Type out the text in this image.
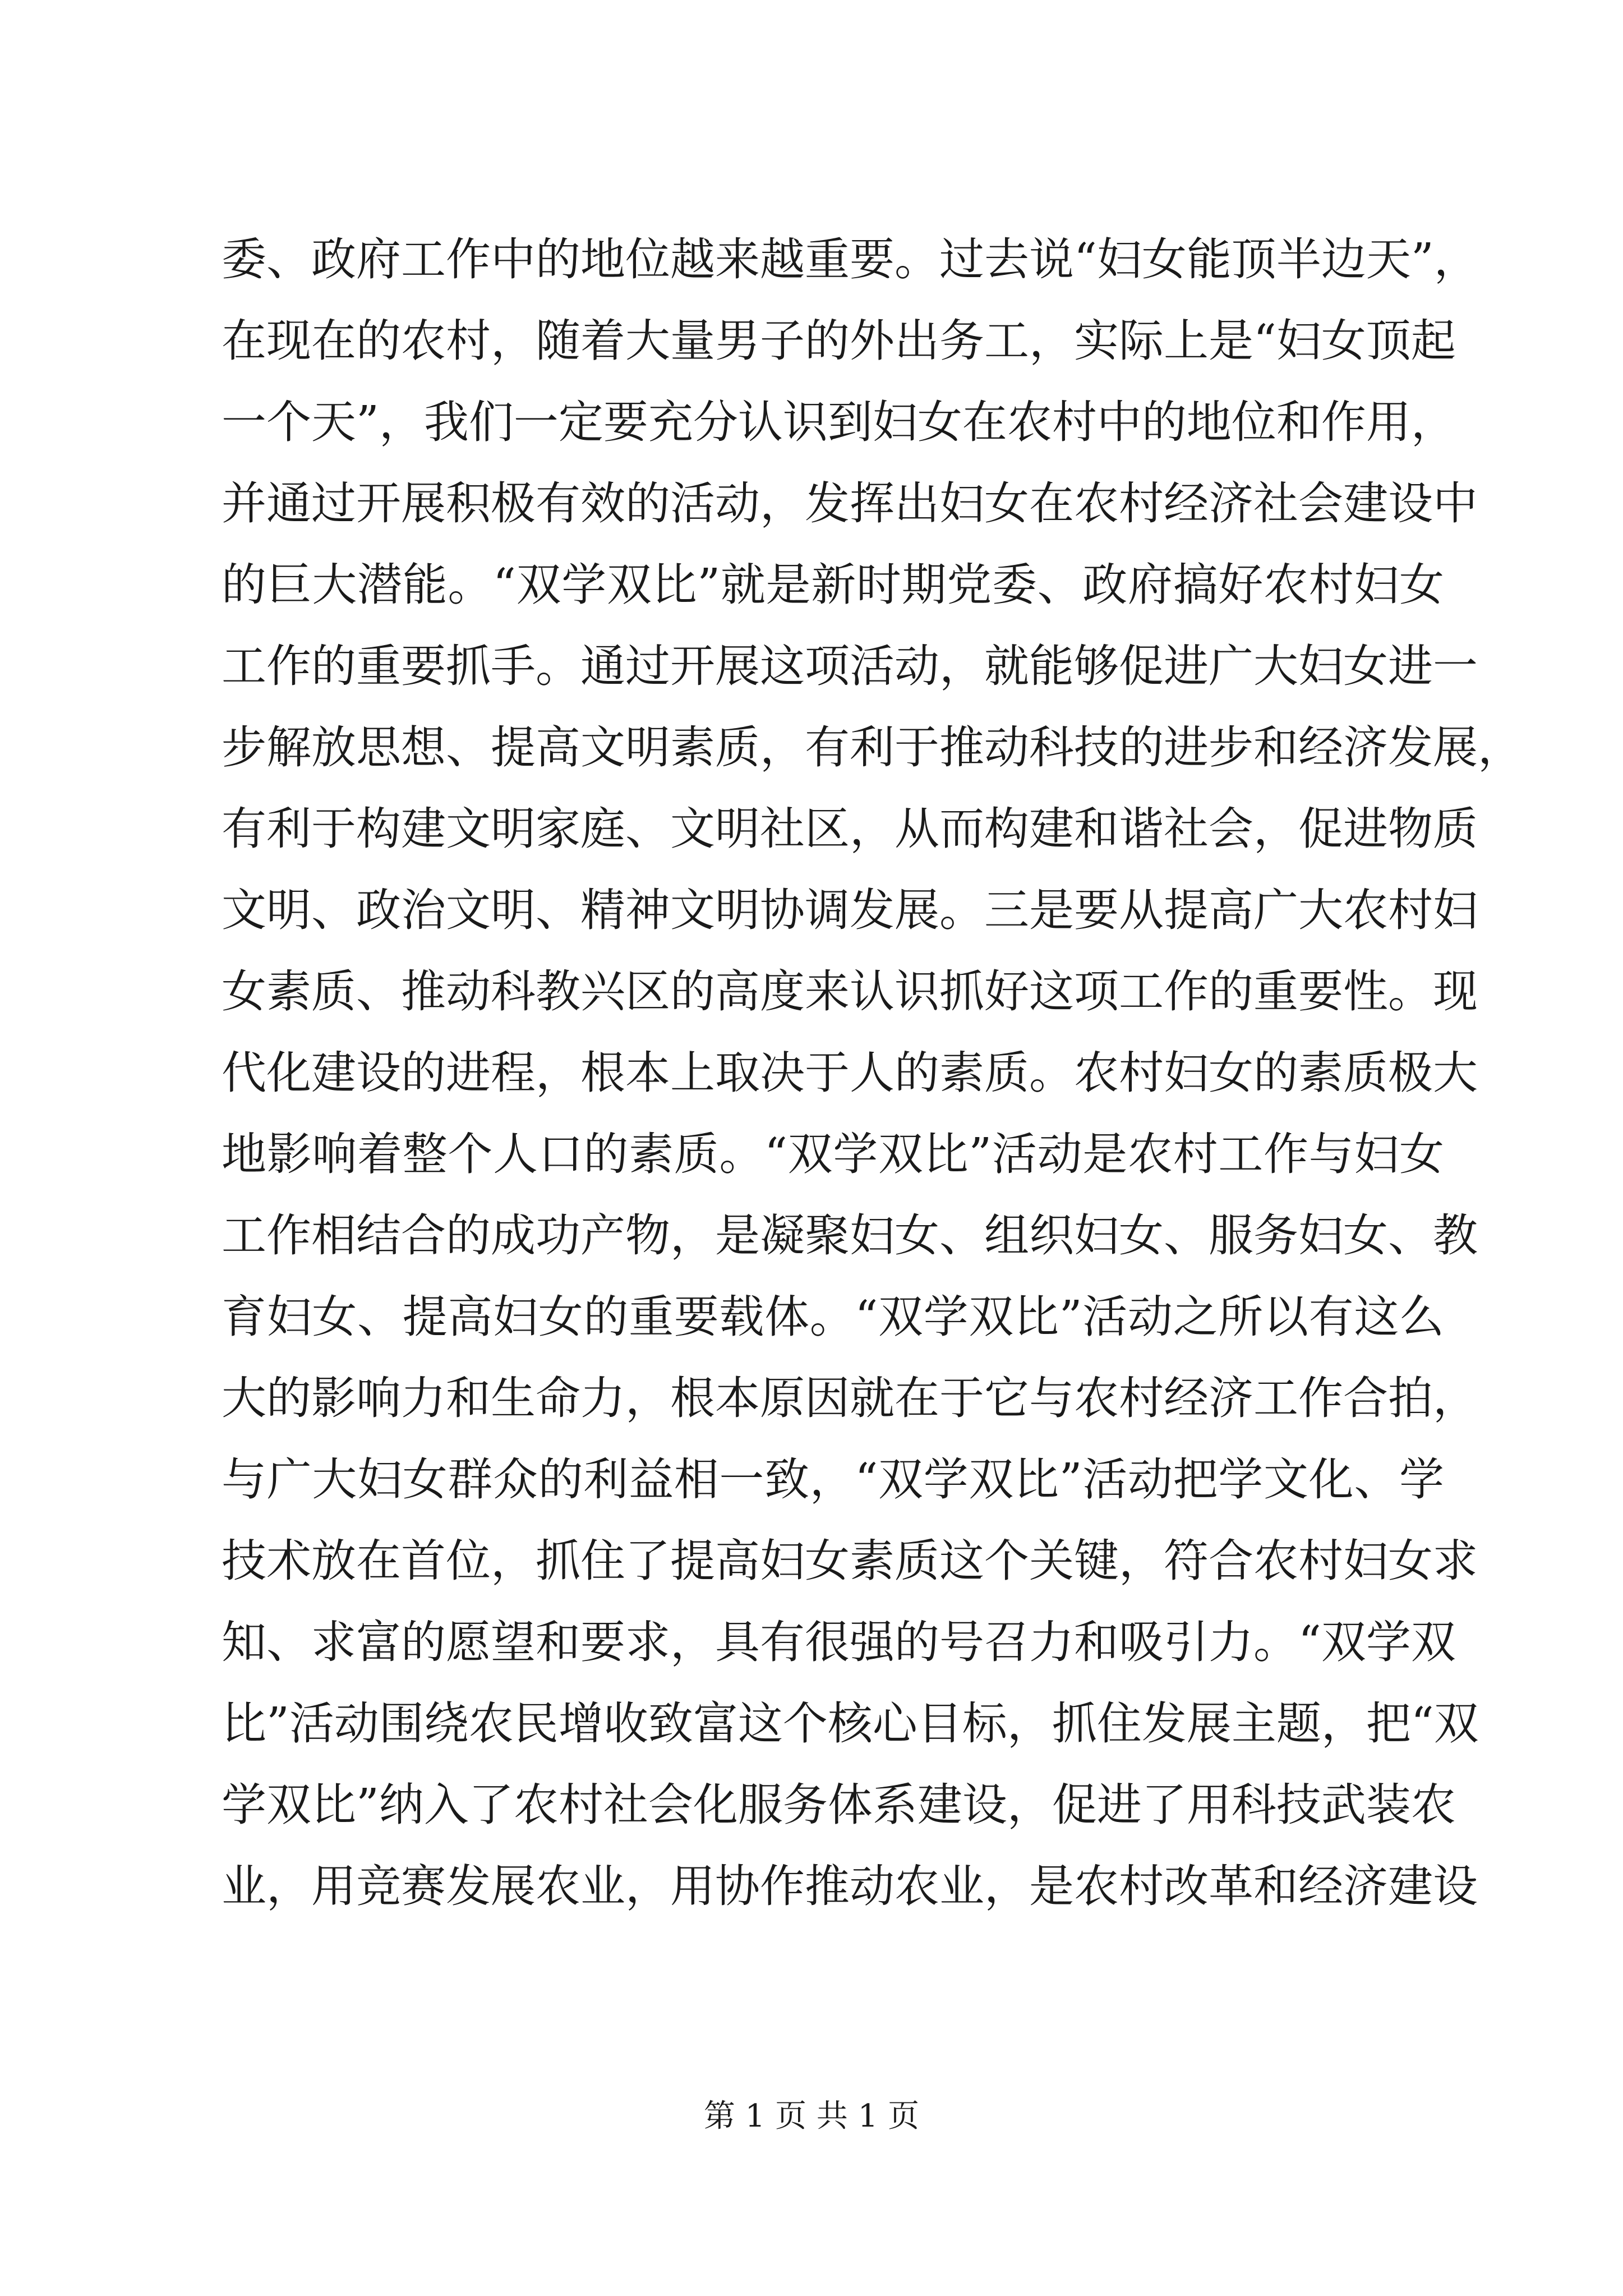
委、政府工作中的地位越来越重要。过去说“妇女能顶半边天”，
在现在的农村，随着大量男子的外出务工，实际上是“妇女顶起
一个天”，我们一定要充分认识到妇女在农村中的地位和作用，
并通过开展积极有效的活动，发挥出妇女在农村经济社会建设中
的巨大潜能。“双学双比”就是新时期党委、政府搞好农村妇女
工作的重要抓手。通过开展这项活动，就能够促进广大妇女进一
步解放思想、提高文明素质，有利于推动科技的进步和经济发展，
有利于构建文明家庭、文明社区，从而构建和谐社会，促进物质
文明、政治文明、精神文明协调发展。三是要从提高广大农村妇
女素质、推动科教兴区的高度来认识抓好这项工作的重要性。现
代化建设的进程，根本上取决于人的素质。农村妇女的素质极大
地影响着整个人口的素质。“双学双比”活动是农村工作与妇女
工作相结合的成功产物，是凝聚妇女、组织妇女、服务妇女、教
育妇女、提高妇女的重要载体。“双学双比”活动之所以有这么
大的影响力和生命力，根本原因就在于它与农村经济工作合拍，
与广大妇女群众的利益相一致，“双学双比”活动把学文化、学
技术放在首位，抓住了提高妇女素质这个关键，符合农村妇女求
知、求富的愿望和要求，具有很强的号召力和吸引力。“双学双
比”活动围绕农民增收致富这个核心目标，抓住发展主题，把“双
学双比”纳入了农村社会化服务体系建设，促进了用科技武装农
业，用竞赛发展农业，用协作推动农业，是农村改革和经济建设
第 1 页 共 1 页
